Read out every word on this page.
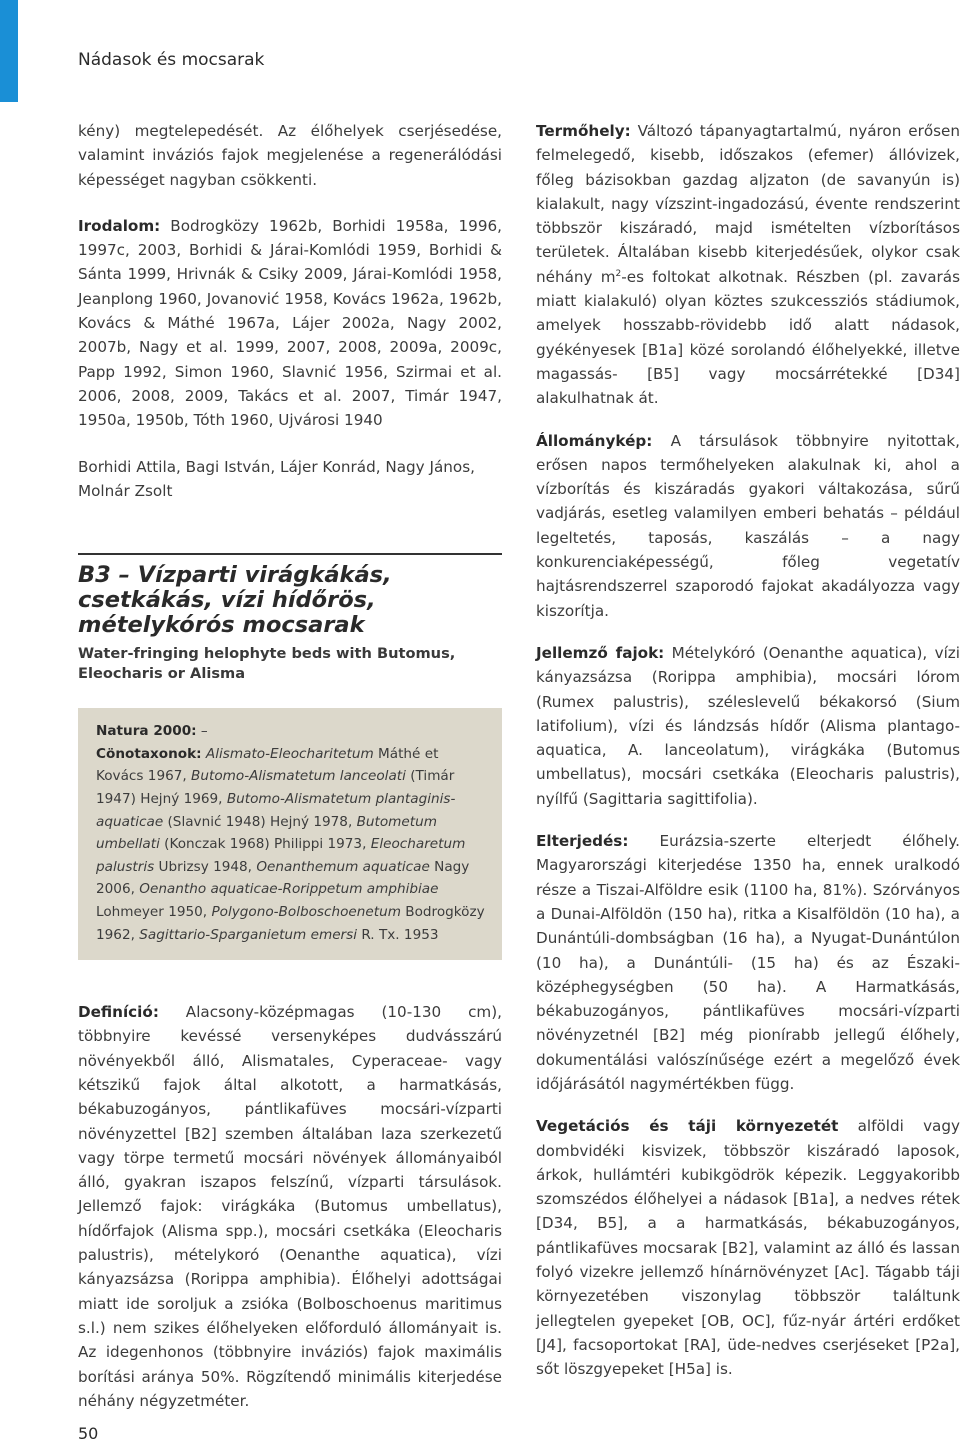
Nádasok és mocsarak

kény) megtelepedését. Az élőhelyek cserjésedése, valamint inváziós fajok megjelenése a regenerálódási képességet nagyban csökkenti.

Irodalom: Bodrogközy 1962b, Borhidi 1958a, 1996, 1997c, 2003, Borhidi & Járai-Komlódi 1959, Borhidi & Sánta 1999, Hrivnák & Csiky 2009, Járai-Komlódi 1958, Jeanplong 1960, Jovanović 1958, Kovács 1962a, 1962b, Kovács & Máthé 1967a, Lájer 2002a, Nagy 2002, 2007b, Nagy et al. 1999, 2007, 2008, 2009a, 2009c, Papp 1992, Simon 1960, Slavnić 1956, Szirmai et al. 2006, 2008, 2009, Takács et al. 2007, Timár 1947, 1950a, 1950b, Tóth 1960, Ujvárosi 1940

Borhidi Attila, Bagi István, Lájer Konrád, Nagy János, Molnár Zsolt

B3 – Vízparti virágkákás, csetkákás, vízi hídőrös, mételykórós mocsarak
Water-fringing helophyte beds with Butomus, Eleocharis or Alisma

Natura 2000: –

Cönotaxonok: Alismato-Eleocharitetum Máthé et Kovács 1967, Butomo-Alismatetum lanceolati (Timár 1947) Hejný 1969, Butomo-Alismatetum plantaginis-aquaticae (Slavnić 1948) Hejný 1978, Butometum umbellati (Konczak 1968) Philippi 1973, Eleocharetum palustris Ubrizsy 1948, Oenanthemum aquaticae Nagy 2006, Oenantho aquaticae-Rorippetum amphibiae Lohmeyer 1950, Polygono-Bolboschoenetum Bodrogközy 1962, Sagittario-Sparganietum emersi R. Tx. 1953

Definíció: Alacsony-középmagas (10-130 cm), többnyire kevéssé versenyképes dudvásszárú növényekből álló, Alismatales, Cyperaceae- vagy kétszikű fajok által alkotott, a harmatkásás, békabuzogányos, pántlikafüves mocsári-vízparti növényzettel [B2] szemben általában laza szerkezetű vagy törpe termetű mocsári növények állományaiból álló, gyakran iszapos felszínű, vízparti társulások. Jellemző fajok: virágkáka (Butomus umbellatus), hídőrfajok (Alisma spp.), mocsári csetkáka (Eleocharis palustris), mételykoró (Oenanthe aquatica), vízi kányazsázsa (Rorippa amphibia). Élőhelyi adottságai miatt ide soroljuk a zsióka (Bolboschoenus maritimus s.l.) nem szikes élőhelyeken előforduló állományait is. Az idegenhonos (többnyire inváziós) fajok maximális borítási aránya 50%. Rögzítendő minimális kiterjedése néhány négyzetméter.

Termőhely: Változó tápanyagtartalmú, nyáron erősen felmelegedő, kisebb, időszakos (efemer) állóvizek, főleg bázisokban gazdag aljzaton (de savanyún is) kialakult, nagy vízszint-ingadozású, évente rendszerint többször kiszáradó, majd ismételten vízborításos területek. Általában kisebb kiterjedésűek, olykor csak néhány $m^2-es$ foltokat alkotnak. Részben (pl. zavarás miatt kialakuló) olyan köztes szukcessziós stádiumok, amelyek hosszabb-rövidebb idő alatt nádasok, gyékényesek [B1a] közé sorolandó élőhelyekké, illetve magassás- [B5] vagy mocsárrétekké [D34] alakulhatnak át.

Állománykép: A társulások többnyire nyitottak, erősen napos termőhelyeken alakulnak ki, ahol a vízborítás és kiszáradás gyakori váltakozása, sűrű vadjárás, esetleg valamilyen emberi behatás – például legeltetés, taposás, kaszálás – a nagy konkurenciaképességű, főleg vegetatív hajtásrendszerrel szaporodó fajokat akadályozza vagy kiszorítja.

Jellemző fajok: Mételykóró (Oenanthe aquatica), vízi kányazsázsa (Rorippa amphibia), mocsári lórom (Rumex palustris), széleslevelű békakorsó (Sium latifolium), vízi és lándzsás hídőr (Alisma plantago-aquatica, A. lanceolatum), virágkáka (Butomus umbellatus), mocsári csetkáka (Eleocharis palustris), nyílfű (Sagittaria sagittifolia).

Elterjedés: Eurázsia-szerte elterjedt élőhely. Magyarországi kiterjedése 1350 ha, ennek uralkodó része a Tiszai-Alföldre esik (1100 ha, 81%). Szórványos a Dunai-Alföldön (150 ha), ritka a Kisalföldön (10 ha), a Dunántúli-dombságban (16 ha), a Nyugat-Dunántúlon (10 ha), a Dunántúli- (15 ha) és az Északi-középhegységben (50 ha). A Harmatkásás, békabuzogányos, pántlikafüves mocsári-vízparti növényzetnél [B2] még pionírabb jellegű élőhely, dokumentálási valószínűsége ezért a megelőző évek időjárásától nagymértékben függ.

Vegetációs és táji környezetét alföldi vagy dombvidéki kisvizek, többször kiszáradó laposok, árkok, hullámtéri kubikgödrök képezik. Leggyakoribb szomszédos élőhelyei a nádasok [B1a], a nedves rétek [D34, B5], a a harmatkásás, békabuzogányos, pántlikafüves mocsarak [B2], valamint az álló és lassan folyó vizekre jellemző hínárnövényzet [Ac]. Tágabb táji környezetében viszonylag többször találtunk jellegtelen gyepeket [OB, OC], fűz-nyár ártéri erdőket [J4], facsoportokat [RA], üde-nedves cserjéseket [P2a], sőt löszgyepeket [H5a] is.

50
